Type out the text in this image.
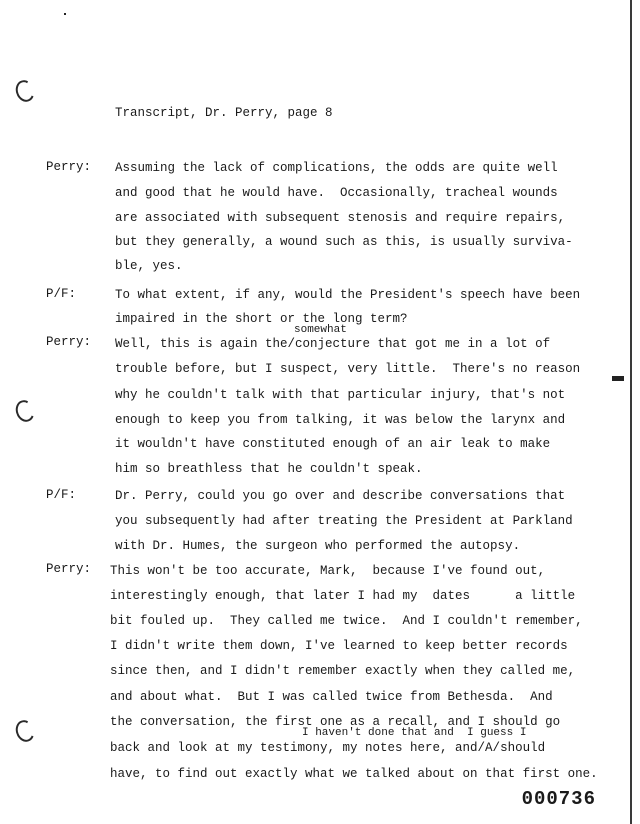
Transcript, Dr. Perry, page 8
Perry: Assuming the lack of complications, the odds are quite well
and good that he would have.  Occasionally, tracheal wounds
are associated with subsequent stenosis and require repairs,
but they generally, a wound such as this, is usually surviva-
ble, yes.
P/F:	To what extent, if any, would the President's speech have been
impaired in the short or the long term?
somewhat
Perry: Well, this is again the/conjecture that got me in a lot of
trouble before, but I suspect, very little.  There's no reason
why he couldn't talk with that particular injury, that's not
enough to keep you from talking, it was below the larynx and
it wouldn't have constituted enough of an air leak to make
him so breathless that he couldn't speak.
P/F:	Dr. Perry, could you go over and describe conversations that
you subsequently had after treating the President at Parkland
with Dr. Humes, the surgeon who performed the autopsy.
Perry: This won't be too accurate, Mark,  because I've found out,
interestingly enough, that later I had my  dates      a little
bit fouled up.  They called me twice.  And I couldn't remember,
I didn't write them down, I've learned to keep better records
since then, and I didn't remember exactly when they called me,
and about what.  But I was called twice from Bethesda.  And
the conversation, the first one as a recall, and I should go
I haven't done that and  I guess I
back and look at my testimony, my notes here, and/A/should
have, to find out exactly what we talked about on that first one.
000736
